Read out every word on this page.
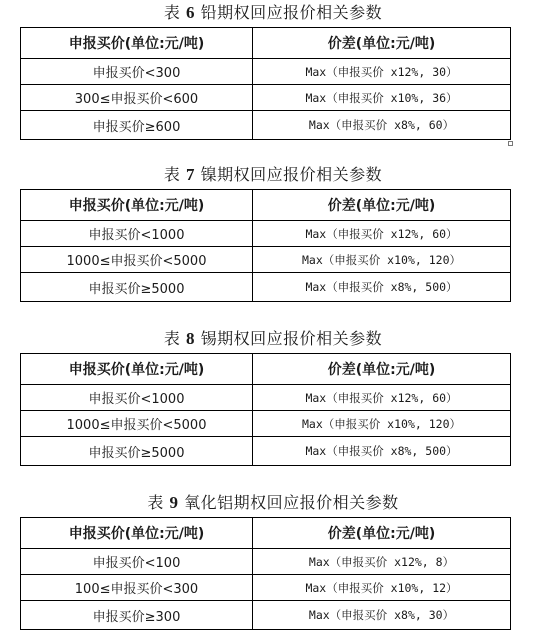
表 6 铅期权回应报价相关参数
申报买价(单位:元/吨)	价差(单位:元/吨)
申报买价<300	Max（申报买价 x12%, 30）
300≤申报买价<600	Max（申报买价 x10%, 36）
申报买价≥600	Max（申报买价 x8%, 60）
表 7 镍期权回应报价相关参数
申报买价(单位:元/吨)	价差(单位:元/吨)
申报买价<1000	Max（申报买价 x12%, 60）
1000≤申报买价<5000	Max（申报买价 x10%, 120）
申报买价≥5000	Max（申报买价 x8%, 500）
表 8 锡期权回应报价相关参数
申报买价(单位:元/吨)	价差(单位:元/吨)
申报买价<1000	Max（申报买价 x12%, 60）
1000≤申报买价<5000	Max（申报买价 x10%, 120）
申报买价≥5000	Max（申报买价 x8%, 500）
表 9 氧化铝期权回应报价相关参数
申报买价(单位:元/吨)	价差(单位:元/吨)
申报买价<100	Max（申报买价 x12%, 8）
100≤申报买价<300	Max（申报买价 x10%, 12）
申报买价≥300	Max（申报买价 x8%, 30）
